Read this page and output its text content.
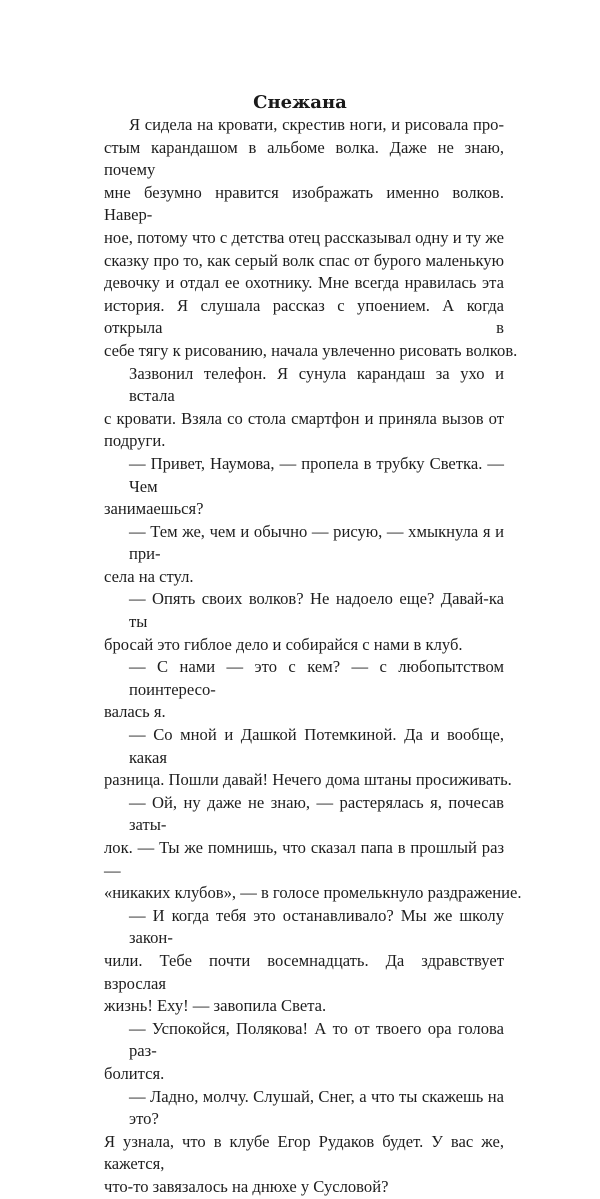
Снежана
Я сидела на кровати, скрестив ноги, и рисовала про-
стым карандашом в альбоме волка. Даже не знаю, почему
мне безумно нравится изображать именно волков. Навер-
ное, потому что с детства отец рассказывал одну и ту же
сказку про то, как серый волк спас от бурого маленькую
девочку и отдал ее охотнику. Мне всегда нравилась эта
история. Я слушала рассказ с упоением. А когда открыла в
себе тягу к рисованию, начала увлеченно рисовать волков.
Зазвонил телефон. Я сунула карандаш за ухо и встала
с кровати. Взяла со стола смартфон и приняла вызов от
подруги.
— Привет, Наумова, — пропела в трубку Светка. — Чем
занимаешься?
— Тем же, чем и обычно — рисую, — хмыкнула я и при-
села на стул.
— Опять своих волков? Не надоело еще? Давай-ка ты
бросай это гиблое дело и собирайся с нами в клуб.
— С нами — это с кем? — с любопытством поинтересо-
валась я.
— Со мной и Дашкой Потемкиной. Да и вообще, какая
разница. Пошли давай! Нечего дома штаны просиживать.
— Ой, ну даже не знаю, — растерялась я, почесав заты-
лок. — Ты же помнишь, что сказал папа в прошлый раз —
«никаких клубов», — в голосе промелькнуло раздражение.
— И когда тебя это останавливало? Мы же школу закон-
чили. Тебе почти восемнадцать. Да здравствует взрослая
жизнь! Еху! — завопила Света.
— Успокойся, Полякова! А то от твоего ора голова раз-
болится.
— Ладно, молчу. Слушай, Снег, а что ты скажешь на это?
Я узнала, что в клубе Егор Рудаков будет. У вас же, кажется,
что-то завязалось на днюхе у Сусловой?
